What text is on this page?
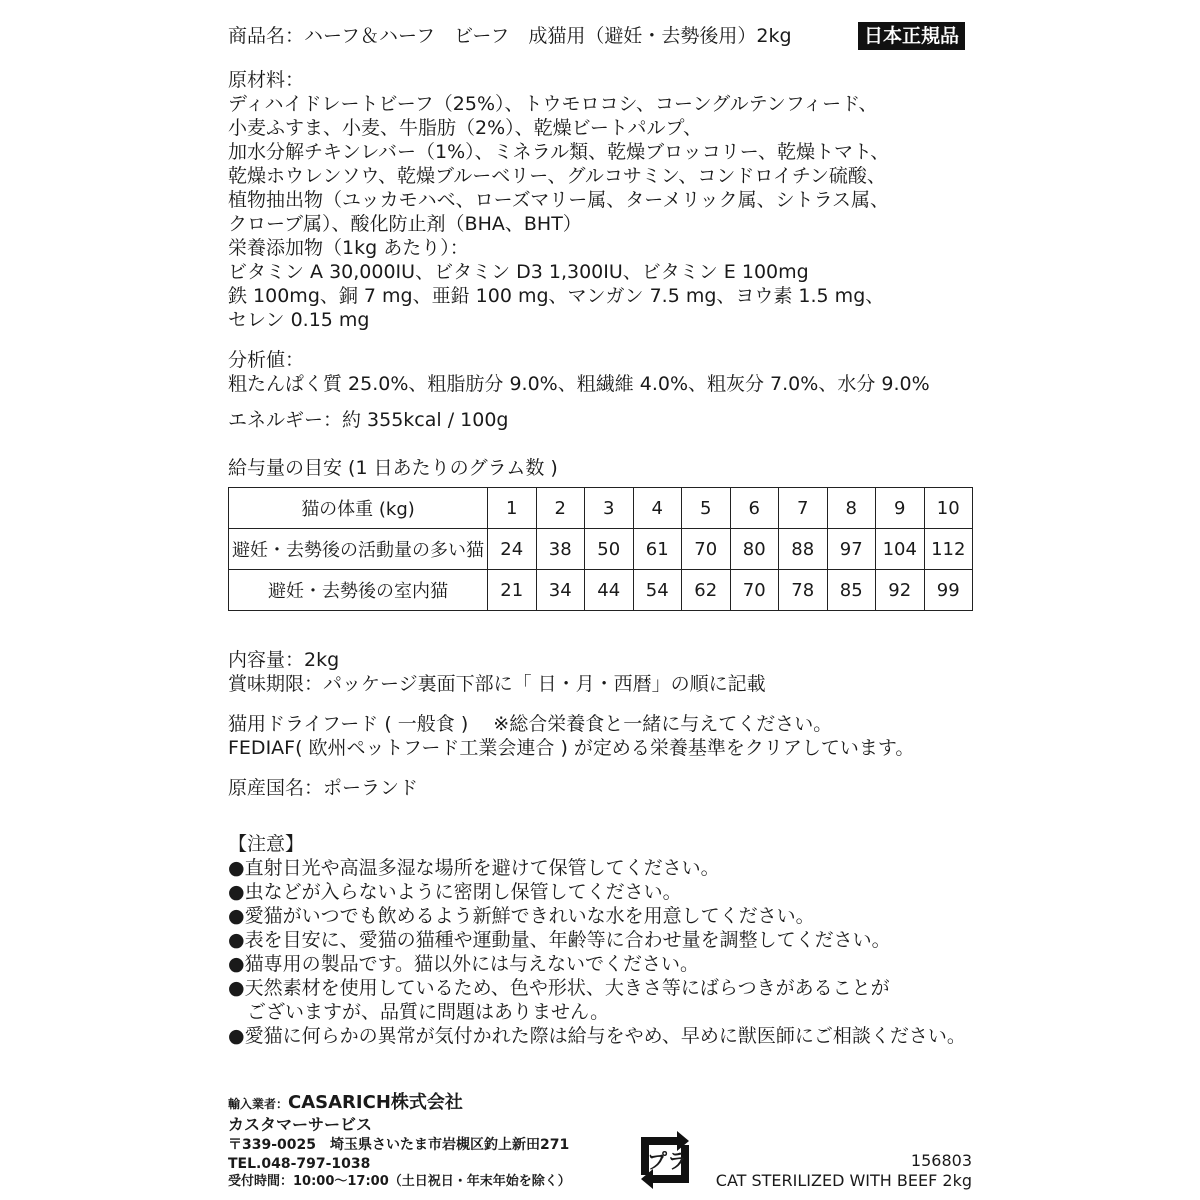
商品名：ハーフ＆ハーフ　ビーフ　成猫用（避妊・去勢後用）2kg	日本正規品
原材料：
ディハイドレートビーフ（25%）、トウモロコシ、コーングルテンフィード、
小麦ふすま、小麦、牛脂肪（2%）、乾燥ビートパルプ、
加水分解チキンレバー（1%）、ミネラル類、乾燥ブロッコリー、乾燥トマト、
乾燥ホウレンソウ、乾燥ブルーベリー、グルコサミン、コンドロイチン硫酸、
植物抽出物（ユッカモハベ、ローズマリー属、ターメリック属、シトラス属、
クローブ属）、酸化防止剤（BHA、BHT）
栄養添加物（1kg あたり）：
ビタミン A 30,000IU、ビタミン D3 1,300IU、ビタミン E 100mg
鉄 100mg、銅 7 mg、亜鉛 100 mg、マンガン 7.5 mg、ヨウ素 1.5 mg、
セレン 0.15 mg
分析値：
粗たんぱく質 25.0%、粗脂肪分 9.0%、粗繊維 4.0%、粗灰分 7.0%、水分 9.0%
エネルギー：約 355kcal / 100g
給与量の目安 (1 日あたりのグラム数 )
猫の体重 (kg)	1	2	3	4	5	6	7	8	9	10
避妊・去勢後の活動量の多い猫	24	38	50	61	70	80	88	97	104	112
避妊・去勢後の室内猫	21	34	44	54	62	70	78	85	92	99
内容量：2kg
賞味期限：パッケージ裏面下部に「 日・月・西暦」の順に記載
猫用ドライフード ( 一般食 )　 ※総合栄養食と一緒に与えてください。
FEDIAF( 欧州ペットフード工業会連合 ) が定める栄養基準をクリアしています。
原産国名：ポーランド
【注意】
●直射日光や高温多湿な場所を避けて保管してください。
●虫などが入らないように密閉し保管してください。
●愛猫がいつでも飲めるよう新鮮できれいな水を用意してください。
●表を目安に、愛猫の猫種や運動量、年齢等に合わせ量を調整してください。
●猫専用の製品です。猫以外には与えないでください。
●天然素材を使用しているため、色や形状、大きさ等にばらつきがあることが
　ございますが、品質に問題はありません。
●愛猫に何らかの異常が気付かれた際は給与をやめ、早めに獣医師にご相談ください。
輸入業者：CASARICH株式会社
カスタマーサービス
〒339-0025　埼玉県さいたま市岩槻区釣上新田271
TEL.048-797-1038
受付時間：10:00～17:00（土日祝日・年末年始を除く）
プラ	156803
CAT STERILIZED WITH BEEF 2kg
